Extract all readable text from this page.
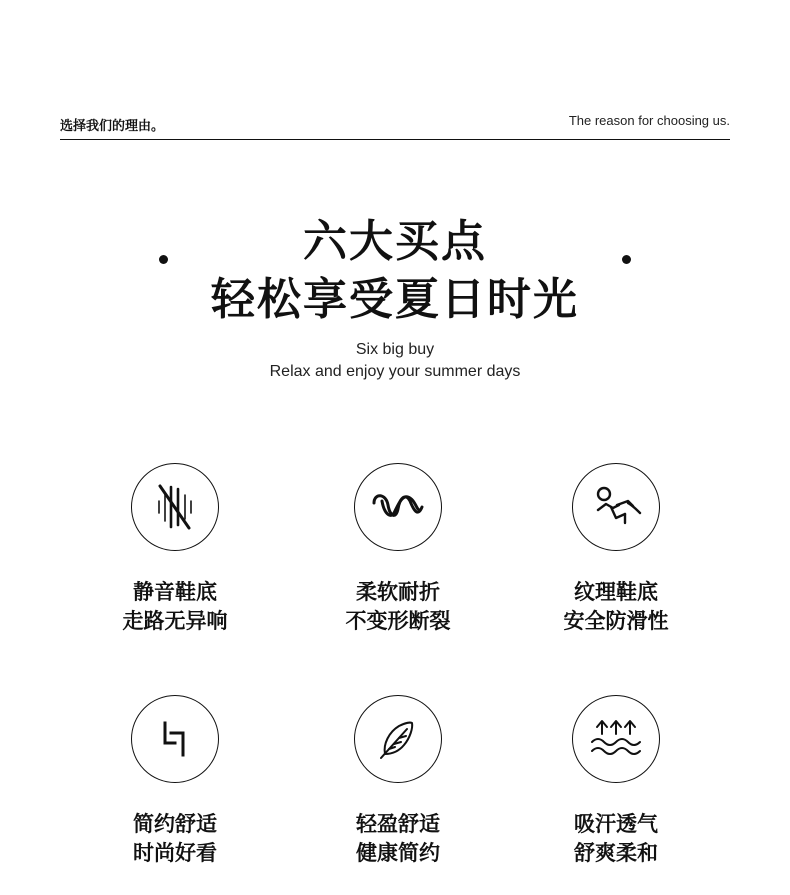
选择我们的理由。	The reason for choosing us.
六大买点
轻松享受夏日时光
Six big buy
Relax and enjoy your summer days
静音鞋底
走路无异响
柔软耐折
不变形断裂
纹理鞋底
安全防滑性
简约舒适
时尚好看
轻盈舒适
健康简约
吸汗透气
舒爽柔和
